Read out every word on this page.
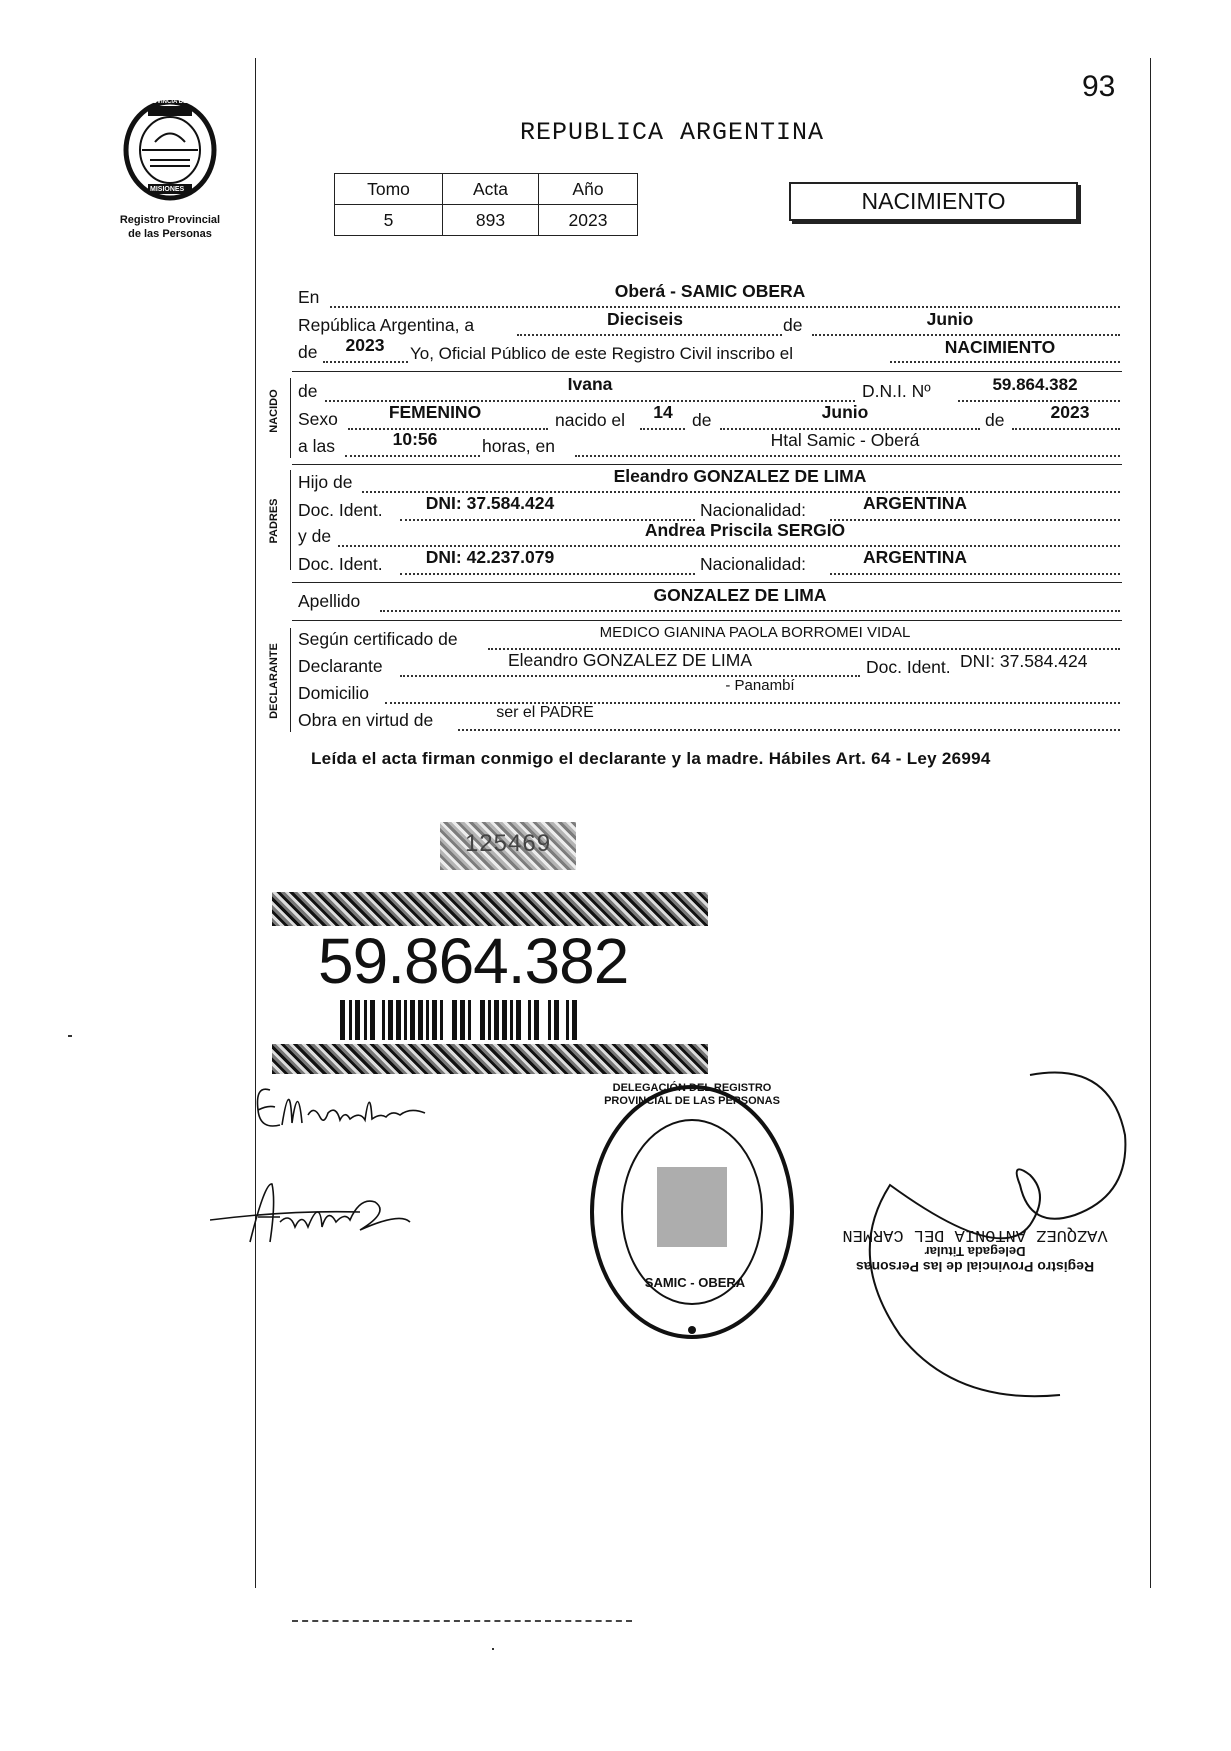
93
PROVINCIA DE
MISIONES
Registro Provincial
de las Personas
REPUBLICA ARGENTINA
Tomo	Acta	Año
5	893	2023
NACIMIENTO
En	Oberá - SAMIC OBERA
República Argentina, a	Dieciseis	de	Junio
de	2023	Yo, Oficial Público de este Registro Civil inscribo el	NACIMIENTO
NACIDO de	Ivana	D.N.I. Nº	59.864.382
Sexo	FEMENINO	nacido el	14	de	Junio	de	2023
a las	10:56	horas, en	Htal Samic - Oberá
PADRES
Hijo de	Eleandro GONZALEZ DE LIMA
Doc. Ident.	DNI: 37.584.424	Nacionalidad:	ARGENTINA
y de	Andrea Priscila SERGIO
Doc. Ident.	DNI: 42.237.079	Nacionalidad:	ARGENTINA
Apellido	GONZALEZ DE LIMA
DECLARANTE
Según certificado de	MEDICO GIANINA PAOLA BORROMEI VIDAL
Declarante	Eleandro GONZALEZ DE LIMA	Doc. Ident. DNI: 37.584.424
Domicilio	- Panambí
Obra en virtud de	ser el PADRE
Leída el acta firman conmigo el declarante y la madre. Hábiles Art. 64 - Ley 26994
125469
59.864.382
DELEGACIÓN DEL REGISTRO PROVINCIAL DE LAS PERSONAS
SAMIC - OBERA
Registro Provincial de las Personas
Delegada Titular
VAZQUEZ ANTONIA DEL CARMEN
